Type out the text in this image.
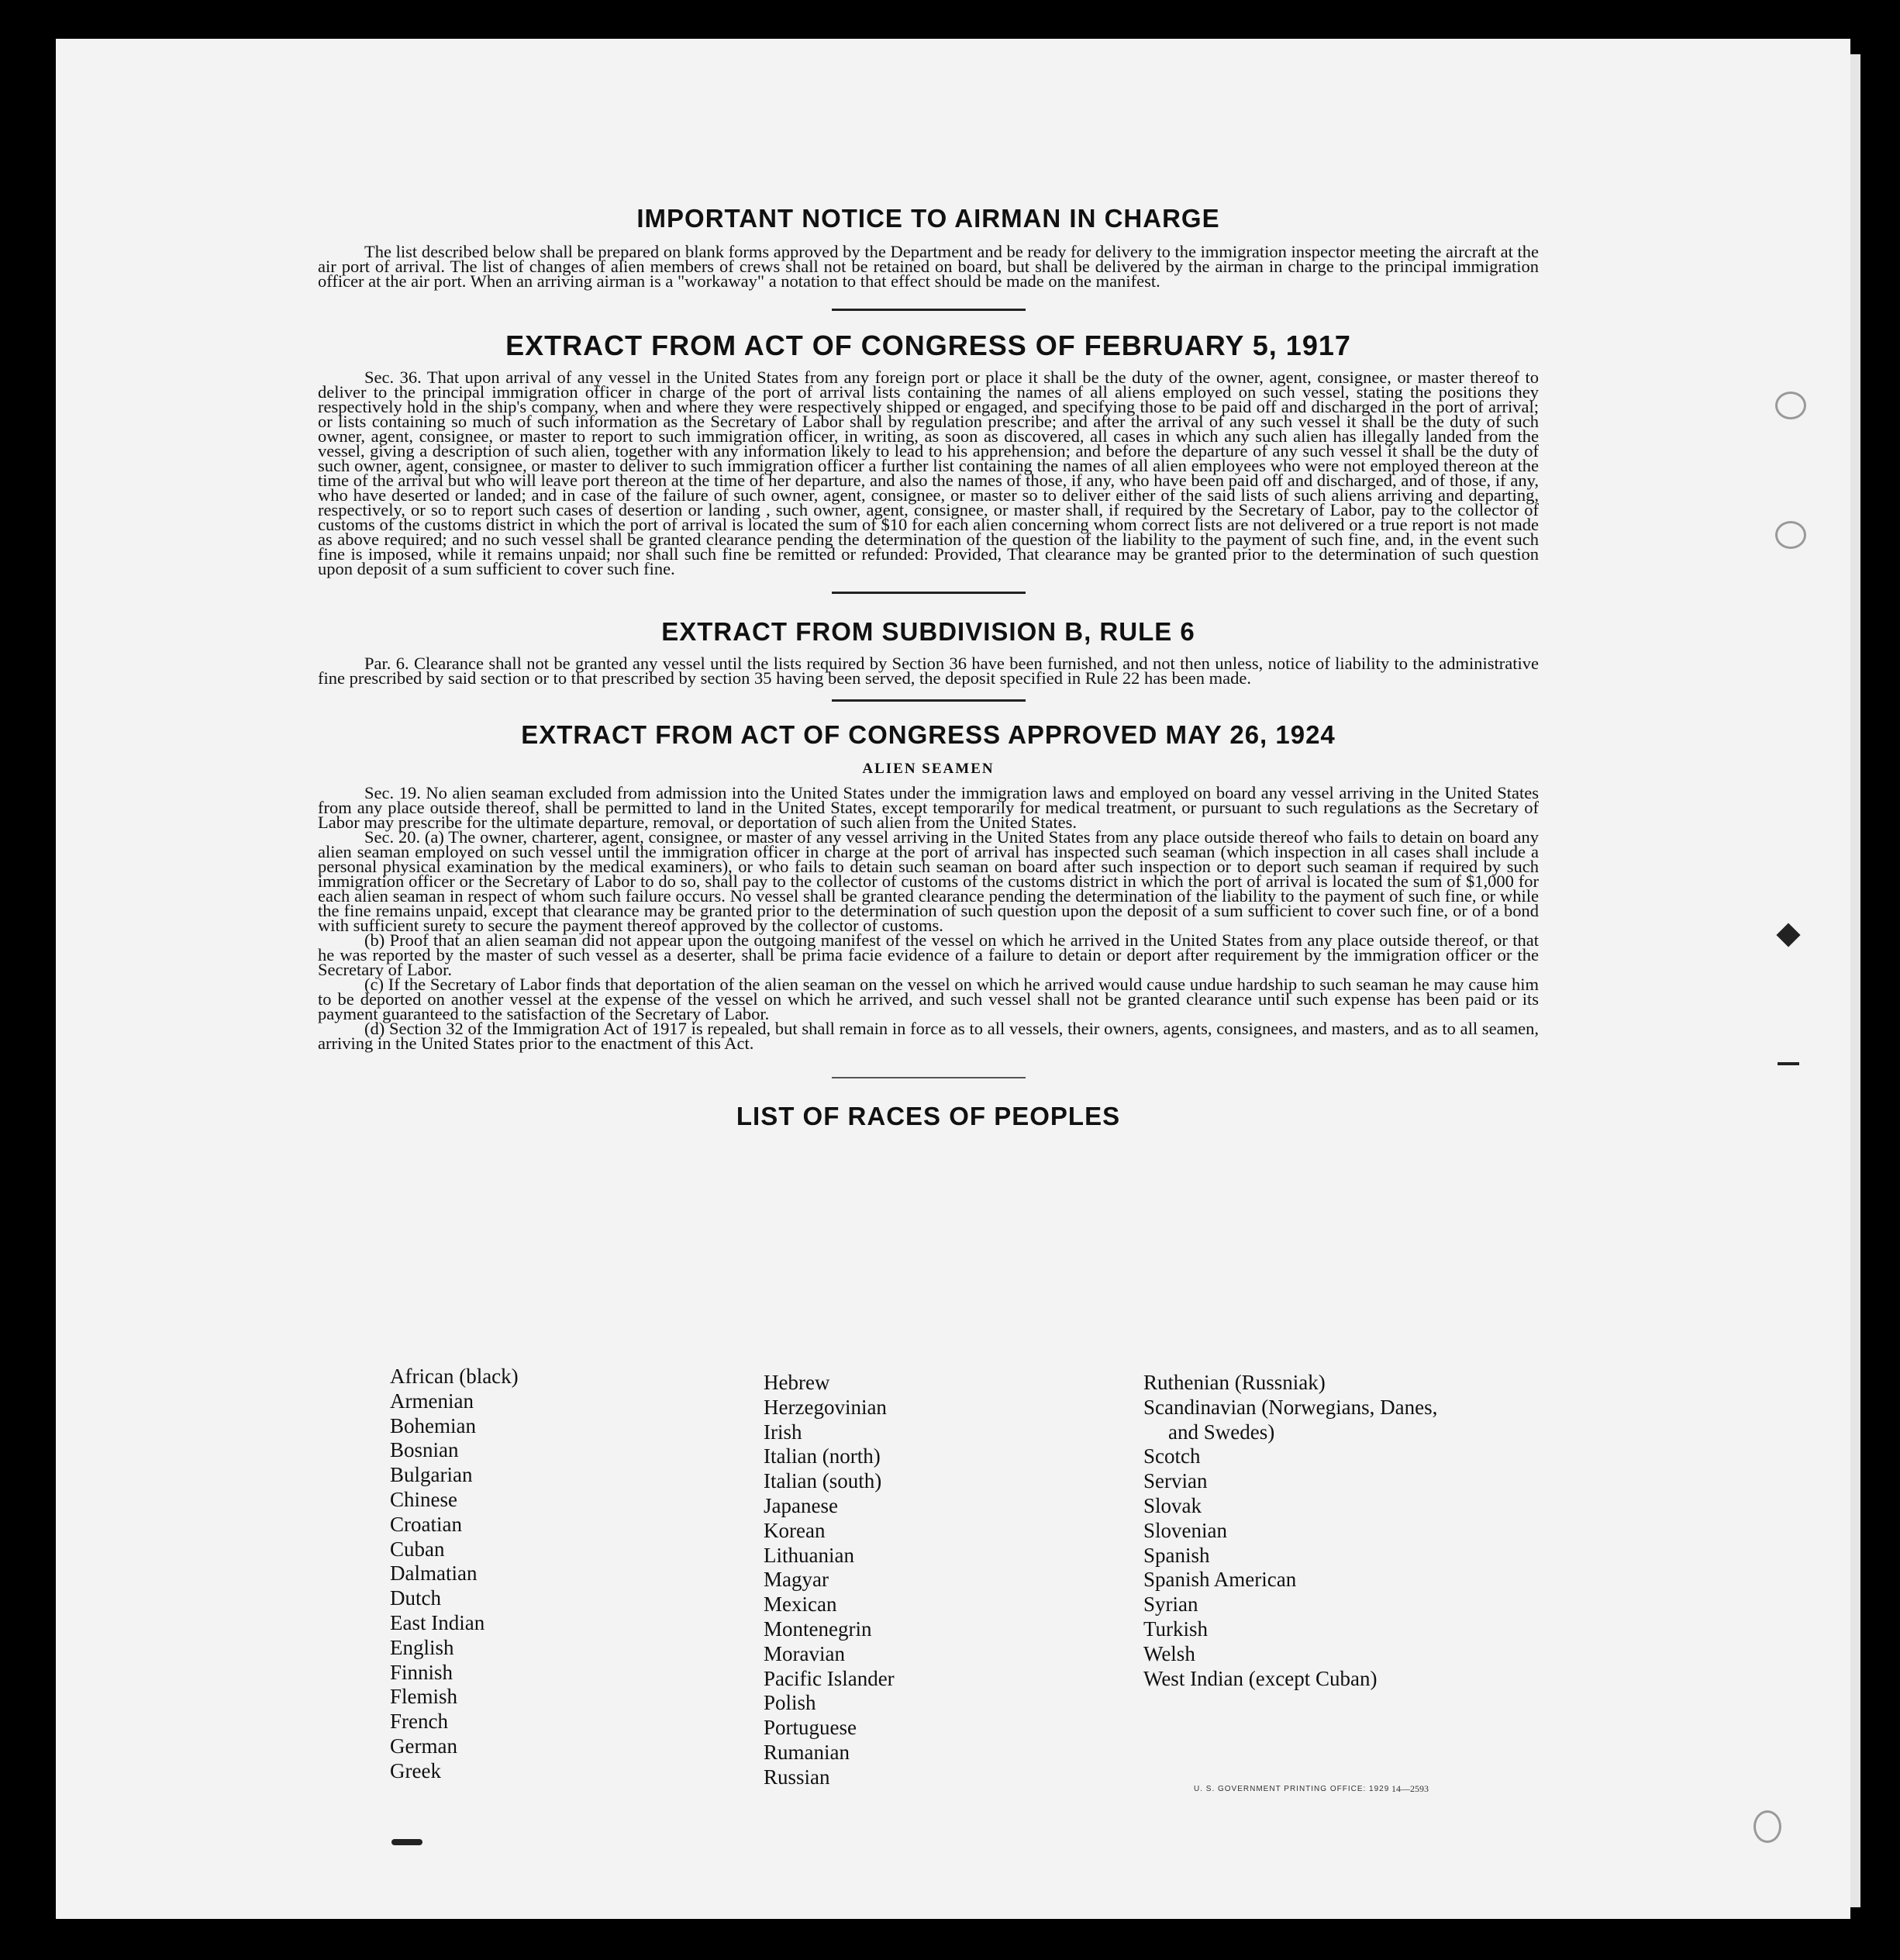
IMPORTANT NOTICE TO AIRMAN IN CHARGE

The list described below shall be prepared on blank forms approved by the Department and be ready for delivery to the immigration inspector meeting the aircraft at the air port of arrival. The list of changes of alien members of crews shall not be retained on board, but shall be delivered by the airman in charge to the principal immigration officer at the air port. When an arriving airman is a "workaway" a notation to that effect should be made on the manifest.

EXTRACT FROM ACT OF CONGRESS OF FEBRUARY 5, 1917

Sec. 36. That upon arrival of any vessel in the United States from any foreign port or place it shall be the duty of the owner, agent, consignee, or master thereof to deliver to the principal immigration officer in charge of the port of arrival lists containing the names of all aliens employed on such vessel, stating the positions they respectively hold in the ship's company, when and where they were respectively shipped or engaged, and specifying those to be paid off and discharged in the port of arrival; or lists containing so much of such information as the Secretary of Labor shall by regulation prescribe; and after the arrival of any such vessel it shall be the duty of such owner, agent, consignee, or master to report to such immigration officer, in writing, as soon as discovered, all cases in which any such alien has illegally landed from the vessel, giving a description of such alien, together with any information likely to lead to his apprehension; and before the departure of any such vessel it shall be the duty of such owner, agent, consignee, or master to deliver to such immigration officer a further list containing the names of all alien employees who were not employed thereon at the time of the arrival but who will leave port thereon at the time of her departure, and also the names of those, if any, who have been paid off and discharged, and of those, if any, who have deserted or landed; and in case of the failure of such owner, agent, consignee, or master so to deliver either of the said lists of such aliens arriving and departing, respectively, or so to report such cases of desertion or landing , such owner, agent, consignee, or master shall, if required by the Secretary of Labor, pay to the collector of customs of the customs district in which the port of arrival is located the sum of $10 for each alien concerning whom correct lists are not delivered or a true report is not made as above required; and no such vessel shall be granted clearance pending the determination of the question of the liability to the payment of such fine, and, in the event such fine is imposed, while it remains unpaid; nor shall such fine be remitted or refunded: Provided, That clearance may be granted prior to the determination of such question upon deposit of a sum sufficient to cover such fine.

EXTRACT FROM SUBDIVISION B, RULE 6

Par. 6. Clearance shall not be granted any vessel until the lists required by Section 36 have been furnished, and not then unless, notice of liability to the administrative fine prescribed by said section or to that prescribed by section 35 having been served, the deposit specified in Rule 22 has been made.

EXTRACT FROM ACT OF CONGRESS APPROVED MAY 26, 1924
ALIEN SEAMEN

Sec. 19. No alien seaman excluded from admission into the United States under the immigration laws and employed on board any vessel arriving in the United States from any place outside thereof, shall be permitted to land in the United States, except temporarily for medical treatment, or pursuant to such regulations as the Secretary of Labor may prescribe for the ultimate departure, removal, or deportation of such alien from the United States.

Sec. 20. (a) The owner, charterer, agent, consignee, or master of any vessel arriving in the United States from any place outside thereof who fails to detain on board any alien seaman employed on such vessel until the immigration officer in charge at the port of arrival has inspected such seaman (which inspection in all cases shall include a personal physical examination by the medical examiners), or who fails to detain such seaman on board after such inspection or to deport such seaman if required by such immigration officer or the Secretary of Labor to do so, shall pay to the collector of customs of the customs district in which the port of arrival is located the sum of $1,000 for each alien seaman in respect of whom such failure occurs. No vessel shall be granted clearance pending the determination of the liability to the payment of such fine, or while the fine remains unpaid, except that clearance may be granted prior to the determination of such question upon the deposit of a sum sufficient to cover such fine, or of a bond with sufficient surety to secure the payment thereof approved by the collector of customs.

(b) Proof that an alien seaman did not appear upon the outgoing manifest of the vessel on which he arrived in the United States from any place outside thereof, or that he was reported by the master of such vessel as a deserter, shall be prima facie evidence of a failure to detain or deport after requirement by the immigration officer or the Secretary of Labor.

(c) If the Secretary of Labor finds that deportation of the alien seaman on the vessel on which he arrived would cause undue hardship to such seaman he may cause him to be deported on another vessel at the expense of the vessel on which he arrived, and such vessel shall not be granted clearance until such expense has been paid or its payment guaranteed to the satisfaction of the Secretary of Labor.

(d) Section 32 of the Immigration Act of 1917 is repealed, but shall remain in force as to all vessels, their owners, agents, consignees, and masters, and as to all seamen, arriving in the United States prior to the enactment of this Act.

LIST OF RACES OF PEOPLES
African (black)
Armenian
Bohemian
Bosnian
Bulgarian
Chinese
Croatian
Cuban
Dalmatian
Dutch
East Indian
English
Finnish
Flemish
French
German
Greek
Hebrew
Herzegovinian
Irish
Italian (north)
Italian (south)
Japanese
Korean
Lithuanian
Magyar
Mexican
Montenegrin
Moravian
Pacific Islander
Polish
Portuguese
Rumanian
Russian
Ruthenian (Russniak)
Scandinavian (Norwegians, Danes,
and Swedes)
Scotch
Servian
Slovak
Slovenian
Spanish
Spanish American
Syrian
Turkish
Welsh
West Indian (except Cuban)
U. S. GOVERNMENT PRINTING OFFICE: 1929 14—2593
